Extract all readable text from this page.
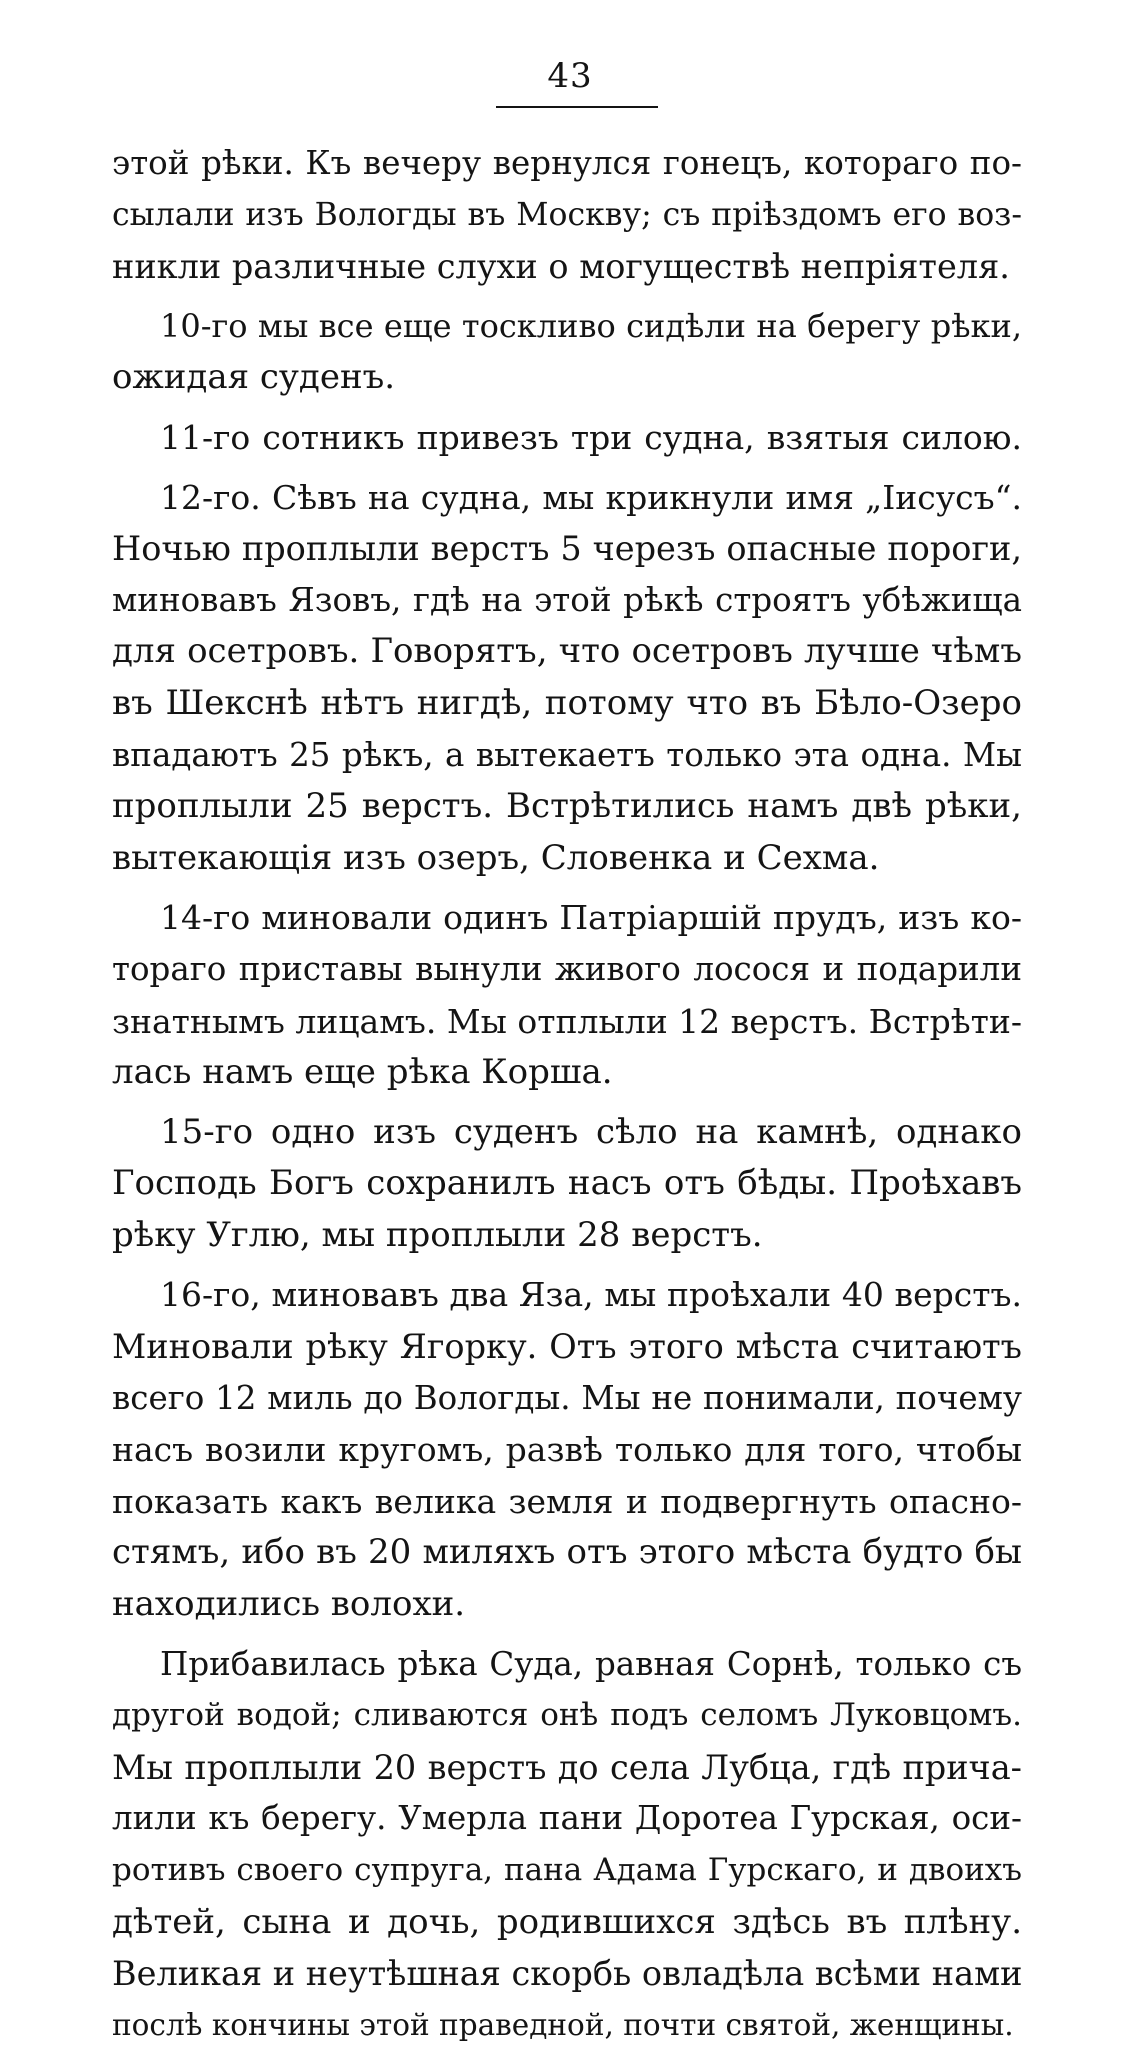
43
этой рѣки. Къ вечеру вернулся гонецъ, котораго по-
сылали изъ Вологды въ Москву; съ пріѣздомъ его воз-
никли различные слухи о могуществѣ непріятеля.
10-го мы все еще тоскливо сидѣли на берегу рѣки,
ожидая суденъ.
11-го сотникъ привезъ три судна, взятыя силою.
12-го. Сѣвъ на судна, мы крикнули имя „Іисусъ“.
Ночью проплыли верстъ 5 черезъ опасные пороги,
миновавъ Язовъ, гдѣ на этой рѣкѣ строятъ убѣжища
для осетровъ. Говорятъ, что осетровъ лучше чѣмъ
въ Шекснѣ нѣтъ нигдѣ, потому что въ Бѣло-Озеро
впадаютъ 25 рѣкъ, а вытекаетъ только эта одна. Мы
проплыли 25 верстъ. Встрѣтились намъ двѣ рѣки,
вытекающія изъ озеръ, Словенка и Сехма.
14-го миновали одинъ Патріаршій прудъ, изъ ко-
тораго приставы вынули живого лосося и подарили
знатнымъ лицамъ. Мы отплыли 12 верстъ. Встрѣти-
лась намъ еще рѣка Корша.
15-го одно изъ суденъ сѣло на камнѣ, однако
Господь Богъ сохранилъ насъ отъ бѣды. Проѣхавъ
рѣку Углю, мы проплыли 28 верстъ.
16-го, миновавъ два Яза, мы проѣхали 40 верстъ.
Миновали рѣку Ягорку. Отъ этого мѣста считаютъ
всего 12 миль до Вологды. Мы не понимали, почему
насъ возили кругомъ, развѣ только для того, чтобы
показать какъ велика земля и подвергнуть опасно-
стямъ, ибо въ 20 миляхъ отъ этого мѣста будто бы
находились волохи.
Прибавилась рѣка Суда, равная Сорнѣ, только съ
другой водой; сливаются онѣ подъ селомъ Луковцомъ.
Мы проплыли 20 верстъ до села Лубца, гдѣ прича-
лили къ берегу. Умерла пани Доротеа Гурская, оси-
ротивъ своего супруга, пана Адама Гурскаго, и двоихъ
дѣтей, сына и дочь, родившихся здѣсь въ плѣну.
Великая и неутѣшная скорбь овладѣла всѣми нами
послѣ кончины этой праведной, почти святой, женщины.
